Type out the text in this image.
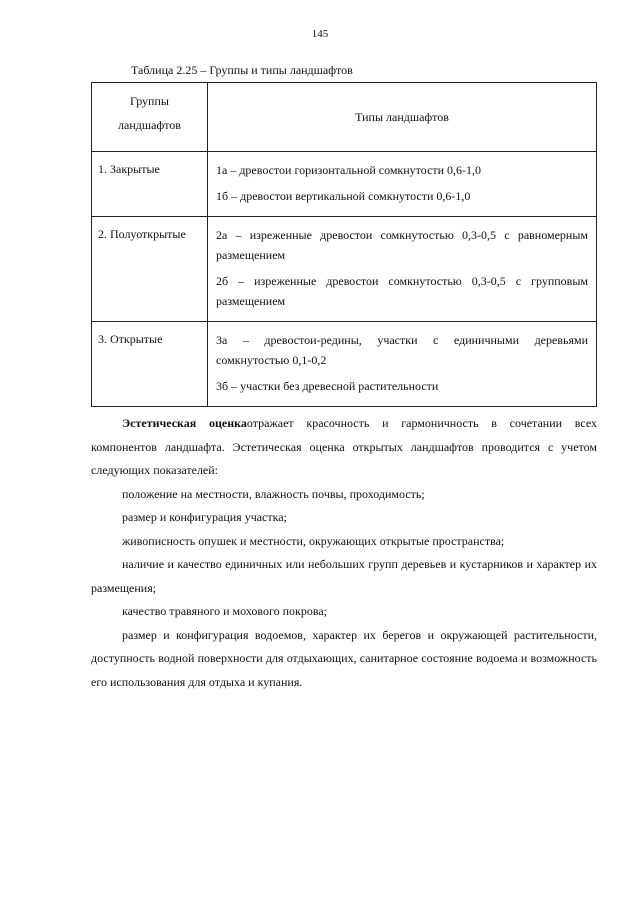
145
Таблица 2.25 – Группы и типы ландшафтов
Группы
ландшафтов	Типы ландшафтов

1. Закрытые	1а – древостои горизонтальной сомкнутости 0,6-1,0
1б – древостои вертикальной сомкнутости 0,6-1,0

2. Полуоткрытые	2а – изреженные древостои сомкнутостью 0,3-0,5 с равномерным размещением
2б – изреженные древостои сомкнутостью 0,3-0,5 с групповым размещением

3. Открытые	3а – древостои-редины, участки с единичными деревьями сомкнутостью 0,1-0,2
3б – участки без древесной растительности

Эстетическая оценкаотражает красочность и гармоничность в сочетании всех компонентов ландшафта. Эстетическая оценка открытых ландшафтов проводится с учетом следующих показателей:

положение на местности, влажность почвы, проходимость;

размер и конфигурация участка;

живописность опушек и местности, окружающих открытые пространства;

наличие и качество единичных или небольших групп деревьев и кустарников и характер их размещения;

качество травяного и мохового покрова;

размер и конфигурация водоемов, характер их берегов и окружающей растительности, доступность водной поверхности для отдыхающих, санитарное состояние водоема и возможность его использования для отдыха и купания.
